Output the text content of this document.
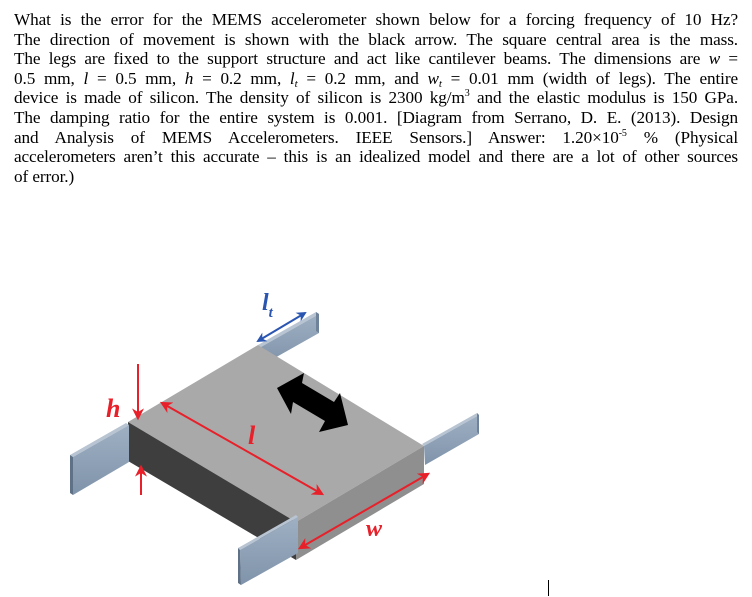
What is the error for the MEMS accelerometer shown below for a forcing frequency of 10 Hz?
The direction of movement is shown with the black arrow. The square central area is the mass.
The legs are fixed to the support structure and act like cantilever beams. The dimensions are w =
0.5 mm, l = 0.5 mm, h = 0.2 mm, $l_t = 0.2$ mm, and $w_t = 0.01$ mm (width of legs). The entire
device is made of silicon. The density of silicon is 2300 $kg/m^3$ and the elastic modulus is 150 GPa.
The damping ratio for the entire system is 0.001. [Diagram from Serrano, D. E. (2013). Design
and Analysis of MEMS Accelerometers. IEEE Sensors.] Answer: $1.20\times 10^{-5}$ % (Physical
accelerometers aren’t this accurate – this is an idealized model and there are a lot of other sources
of error.)
h
l
w
$l_t$
